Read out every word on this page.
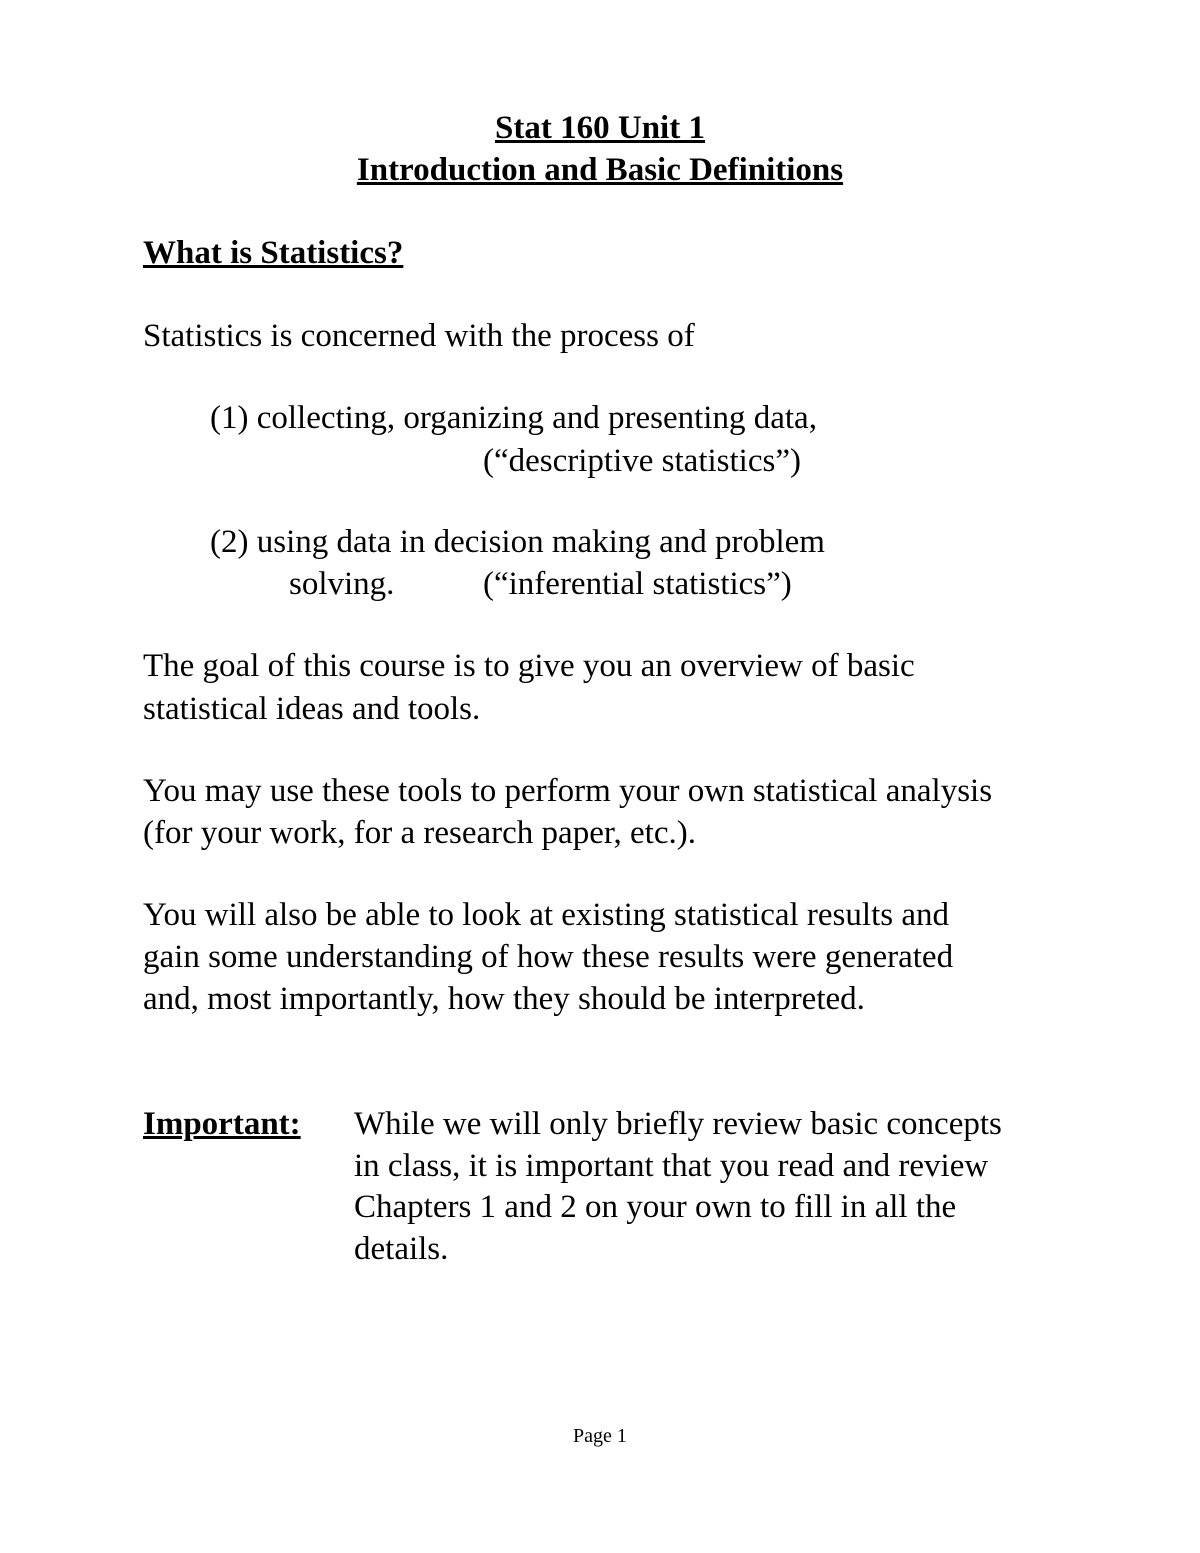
Stat 160 Unit 1
Introduction and Basic Definitions
What is Statistics?

Statistics is concerned with the process of

(1) collecting, organizing and presenting data,

(“descriptive statistics”)

(2) using data in decision making and problem

solving.	(“inferential statistics”)

The goal of this course is to give you an overview of basic

statistical ideas and tools.

You may use these tools to perform your own statistical analysis

(for your work, for a research paper, etc.).

You will also be able to look at existing statistical results and

gain some understanding of how these results were generated

and, most importantly, how they should be interpreted.

Important: While we will only briefly review basic concepts

in class, it is important that you read and review

Chapters 1 and 2 on your own to fill in all the

details.

Page 1
